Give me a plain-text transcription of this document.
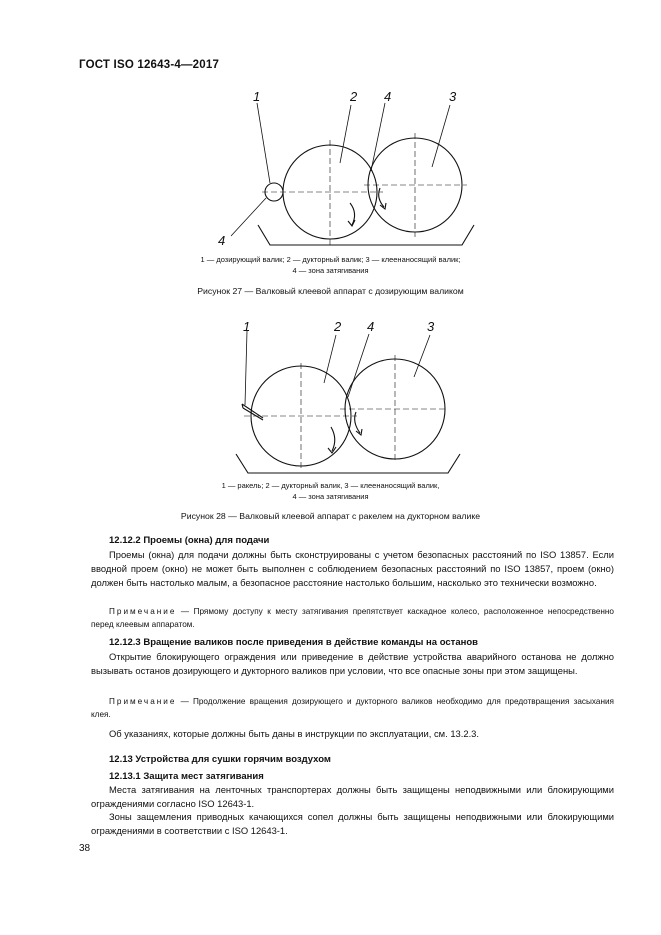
ГОСТ ISO 12643-4—2017
1	2 4	3
4
1 — дозирующий валик; 2 — дукторный валик; 3 — клеенаносящий валик;
4 — зона затягивания
Рисунок 27 — Валковый клеевой аппарат с дозирующим валиком
1	2 4	3
1 — ракель; 2 — дукторный валик, 3 — клеенаносящий валик,
4 — зона затягивания
Рисунок 28 — Валковый клеевой аппарат с ракелем на дукторном валике
12.12.2 Проемы (окна) для подачи

Проемы (окна) для подачи должны быть сконструированы с учетом безопасных расстояний по ISO 13857. Если вводной проем (окно) не может быть выполнен с соблюдением безопасных расстояний по ISO 13857, проем (окно) должен быть настолько малым, а безопасное расстояние настолько большим, насколько это технически возможно.

Примечание — Прямому доступу к месту затягивания препятствует каскадное колесо, расположенное непосредственно перед клеевым аппаратом.

12.12.3 Вращение валиков после приведения в действие команды на останов

Открытие блокирующего ограждения или приведение в действие устройства аварийного останова не должно вызывать останов дозирующего и дукторного валиков при условии, что все опасные зоны при этом защищены.

Примечание — Продолжение вращения дозирующего и дукторного валиков необходимо для предотвращения засыхания клея.

Об указаниях, которые должны быть даны в инструкции по эксплуатации, см. 13.2.3.

12.13 Устройства для сушки горячим воздухом
12.13.1 Защита мест затягивания

Места затягивания на ленточных транспортерах должны быть защищены неподвижными или блокирующими ограждениями согласно ISO 12643-1.

Зоны защемления приводных качающихся сопел должны быть защищены неподвижными или блокирующими ограждениями в соответствии с ISO 12643-1.

38
